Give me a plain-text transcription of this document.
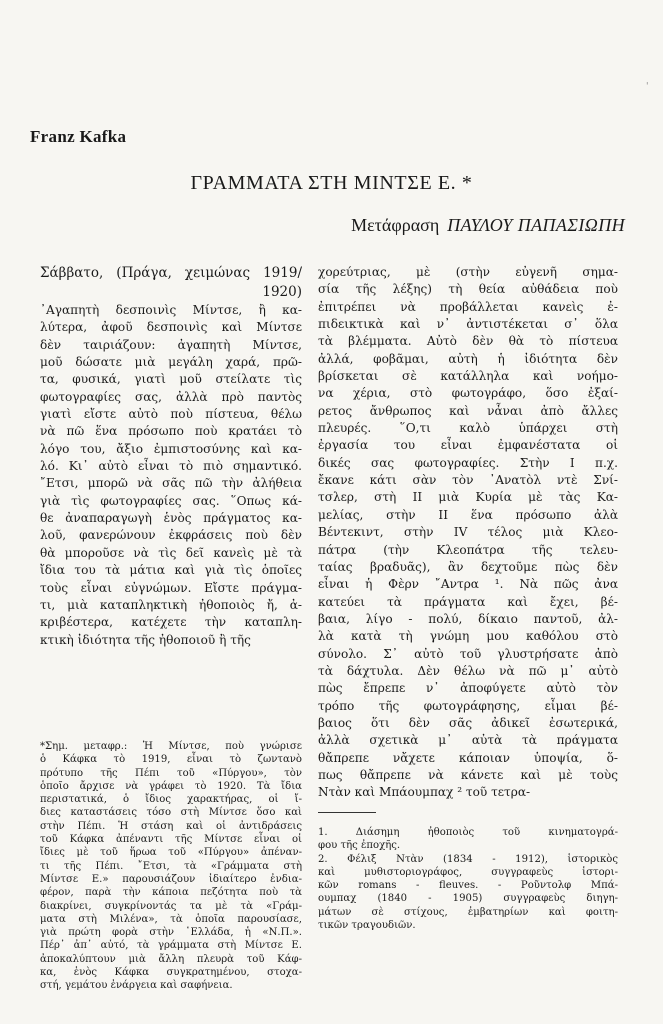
'
Franz Kafka
ΓΡΑΜΜΑΤΑ ΣΤΗ ΜΙΝΤΣΕ Ε. *
Μετάφραση ΠΑΥΛΟΥ ΠΑΠΑΣΙΩΠΗ
Σάββατο, (Πράγα, χειμώνας 1919/
1920)
᾿Αγαπητὴ δεσποινὶς Μίντσε, ἢ κα-
λύτερα, ἀφοῦ δεσποινὶς καὶ Μίντσε
δὲν ταιριάζουν: ἀγαπητὴ Μίντσε,
μοῦ δώσατε μιὰ μεγάλη χαρά, πρῶ-
τα, φυσικά, γιατὶ μοῦ στείλατε τὶς
φωτογραφίες σας, ἀλλὰ πρὸ παντὸς
γιατὶ εἴστε αὐτὸ ποὺ πίστευα, θέλω
νὰ πῶ ἕνα πρόσωπο ποὺ κρατάει τὸ
λόγο του, ἄξιο ἐμπιστοσύνης καὶ κα-
λό. Κι᾿ αὐτὸ εἶναι τὸ πιὸ σημαντικό.
῎Ετσι, μπορῶ νὰ σᾶς πῶ τὴν ἀλήθεια
γιὰ τὶς φωτογραφίες σας. ῞Οπως κά-
θε ἀναπαραγωγὴ ἑνὸς πράγματος κα-
λοῦ, φανερώνουν ἐκφράσεις ποὺ δὲν
θὰ μποροῦσε νὰ τὶς δεῖ κανεὶς μὲ τὰ
ἴδια του τὰ μάτια καὶ γιὰ τὶς ὁποῖες
τοὺς εἶναι εὐγνώμων. Εἴστε πράγμα-
τι, μιὰ καταπληκτικὴ ἠθοποιὸς ἤ, ἀ-
κριβέστερα, κατέχετε τὴν καταπλη-
κτικὴ ἰδιότητα τῆς ἠθοποιοῦ ἢ τῆς
χορεύτριας, μὲ (στὴν εὐγενῆ σημα-
σία τῆς λέξης) τὴ θεία αὐθάδεια ποὺ
ἐπιτρέπει νὰ προβάλλεται κανεὶς ἐ-
πιδεικτικὰ καὶ ν᾿ ἀντιστέκεται σ᾿ ὅλα
τὰ βλέμματα. Αὐτὸ δὲν θὰ τὸ πίστευα
ἀλλά, φοβᾶμαι, αὐτὴ ἡ ἰδιότητα δὲν
βρίσκεται σὲ κατάλληλα καὶ νοήμο-
να χέρια, στὸ φωτογράφο, ὅσο ἐξαί-
ρετος ἄνθρωπος καὶ νἆναι ἀπὸ ἄλλες
πλευρές. ῞Ο,τι καλὸ ὑπάρχει στὴ
ἐργασία του εἶναι ἐμφανέστατα οἱ
δικές σας φωτογραφίες. Στὴν Ι π.χ.
ἔκανε κάτι σὰν τὸν ᾿Ανατὸλ ντὲ Σνί-
τσλερ, στὴ ΙΙ μιὰ Κυρία μὲ τὰς Κα-
μελίας, στὴν ΙΙ ἕνα πρόσωπο ἀλὰ
Βέντεκιντ, στὴν IV τέλος μιὰ Κλεο-
πάτρα (τὴν Κλεοπάτρα τῆς τελευ-
ταίας βραδυᾶς), ἂν δεχτοῦμε πὼς δὲν
εἶναι ἡ Φὲρν ῎Αντρα ¹. Νὰ πῶς ἀνα
κατεύει τὰ πράγματα καὶ ἔχει, βέ-
βαια, λίγο - πολύ, δίκαιο παντοῦ, ἀλ-
λὰ κατὰ τὴ γνώμη μου καθόλου στὸ
σύνολο. Σ᾿ αὐτὸ τοῦ γλυστρήσατε ἀπὸ
τὰ δάχτυλα. Δὲν θέλω νὰ πῶ μ᾿ αὐτὸ
πὼς ἔπρεπε ν᾿ ἀποφύγετε αὐτὸ τὸν
τρόπο τῆς φωτογράφησης, εἶμαι βέ-
βαιος ὅτι δὲν σᾶς ἀδικεῖ ἐσωτερικά,
ἀλλὰ σχετικὰ μ᾿ αὐτὰ τὰ πράγματα
θἄπρεπε νἄχετε κάποιαν ὑποψία, ὅ-
πως θἄπρεπε νὰ κάνετε καὶ μὲ τοὺς
Ντὰν καὶ Μπάουμπαχ ² τοῦ τετρα-
*Σημ. μεταφρ.: Ἡ Μίντσε, ποὺ γνώρισε
ὁ Κάφκα τὸ 1919, εἶναι τὸ ζωντανὸ
πρότυπο τῆς Πέπι τοῦ «Πύργου», τὸν
ὁποῖο ἄρχισε νὰ γράφει τὸ 1920. Τὰ ἴδια
περιστατικά, ὁ ἴδιος χαρακτήρας, οἱ ἴ-
διες καταστάσεις τόσο στὴ Μίντσε ὅσο καὶ
στὴν Πέπι. Ἡ στάση καὶ οἱ ἀντιδράσεις
τοῦ Κάφκα ἀπέναντι τῆς Μίντσε εἶναι οἱ
ἴδιες μὲ τοῦ ἥρωα τοῦ «Πύργου» ἀπέναν-
τι τῆς Πέπι. ῎Ετσι, τὰ «Γράμματα στὴ
Μίντσε Ε.» παρουσιάζουν ἰδιαίτερο ἐνδια-
φέρον, παρὰ τὴν κάποια πεζότητα ποὺ τὰ
διακρίνει, συγκρίνοντάς τα μὲ τὰ «Γράμ-
ματα στὴ Μιλένα», τὰ ὁποῖα παρουσίασε,
γιὰ πρώτη φορὰ στὴν ῾Ελλάδα, ἡ «Ν.Π.».
Πέρ᾿ ἀπ᾿ αὐτό, τὰ γράμματα στὴ Μίντσε Ε.
ἀποκαλύπτουν μιὰ ἄλλη πλευρὰ τοῦ Κάφ-
κα, ἑνὸς Κάφκα συγκρατημένου, στοχα-
στή, γεμάτου ἐνάργεια καὶ σαφήνεια.
1. Διάσημη ἠθοποιὸς τοῦ κινηματογρά-
φου τῆς ἐποχῆς.
2. Φέλιξ Ντὰν (1834 - 1912), ἱστορικὸς
καὶ μυθιστοριογράφος, συγγραφεὺς ἱστορι-
κῶν romans - fleuves. - Ροῦντολφ Μπά-
ουμπαχ (1840 - 1905) συγγραφεὺς διηγη-
μάτων σὲ στίχους, ἐμβατηρίων καὶ φοιτη-
τικῶν τραγουδιῶν.
